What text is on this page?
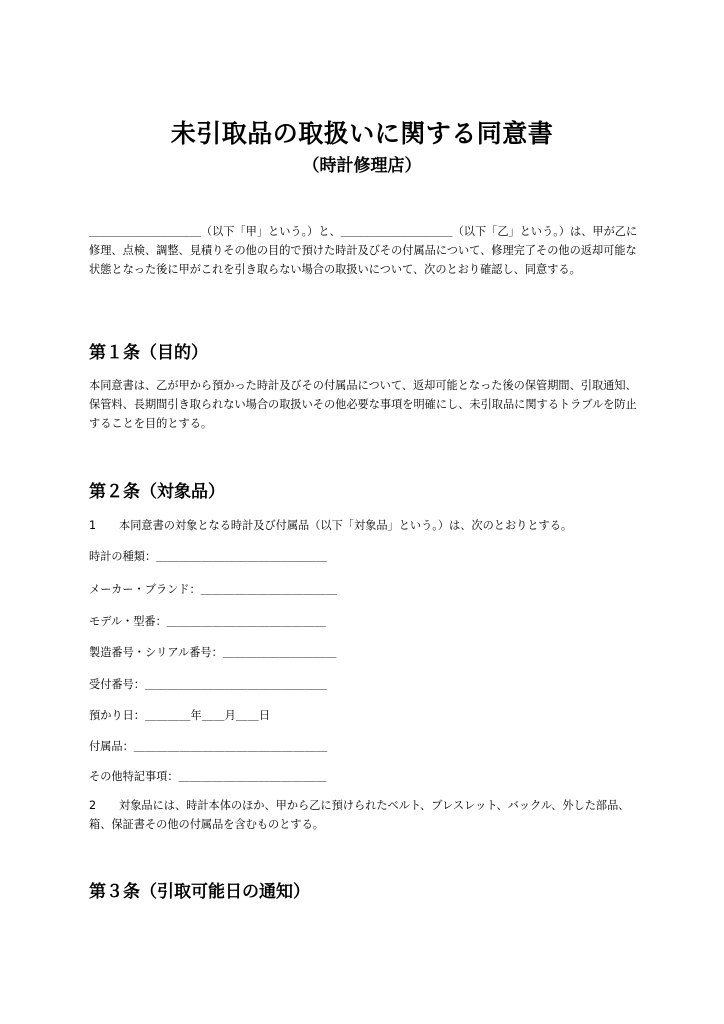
未引取品の取扱いに関する同意書
（時計修理店）

＿＿＿＿＿＿＿＿＿＿（以下「甲」という。）と、＿＿＿＿＿＿＿＿＿＿（以下「乙」という。）は、甲が乙に修理、点検、調整、見積りその他の目的で預けた時計及びその付属品について、修理完了その他の返却可能な状態となった後に甲がこれを引き取らない場合の取扱いについて、次のとおり確認し、同意する。

第１条（目的）

本同意書は、乙が甲から預かった時計及びその付属品について、返却可能となった後の保管期間、引取通知、保管料、長期間引き取られない場合の取扱いその他必要な事項を明確にし、未引取品に関するトラブルを防止することを目的とする。

第２条（対象品）

1 本同意書の対象となる時計及び付属品（以下「対象品」という。）は、次のとおりとする。

時計の種類：＿＿＿＿＿＿＿＿＿＿＿＿＿＿＿

メーカー・ブランド：＿＿＿＿＿＿＿＿＿＿＿＿

モデル・型番：＿＿＿＿＿＿＿＿＿＿＿＿＿＿

製造番号・シリアル番号：＿＿＿＿＿＿＿＿＿＿

受付番号：＿＿＿＿＿＿＿＿＿＿＿＿＿＿＿＿

預かり日：＿＿＿＿年＿＿月＿＿日

付属品：＿＿＿＿＿＿＿＿＿＿＿＿＿＿＿＿＿

その他特記事項：＿＿＿＿＿＿＿＿＿＿＿＿＿

2 対象品には、時計本体のほか、甲から乙に預けられたベルト、ブレスレット、バックル、外した部品、箱、保証書その他の付属品を含むものとする。

第３条（引取可能日の通知）
